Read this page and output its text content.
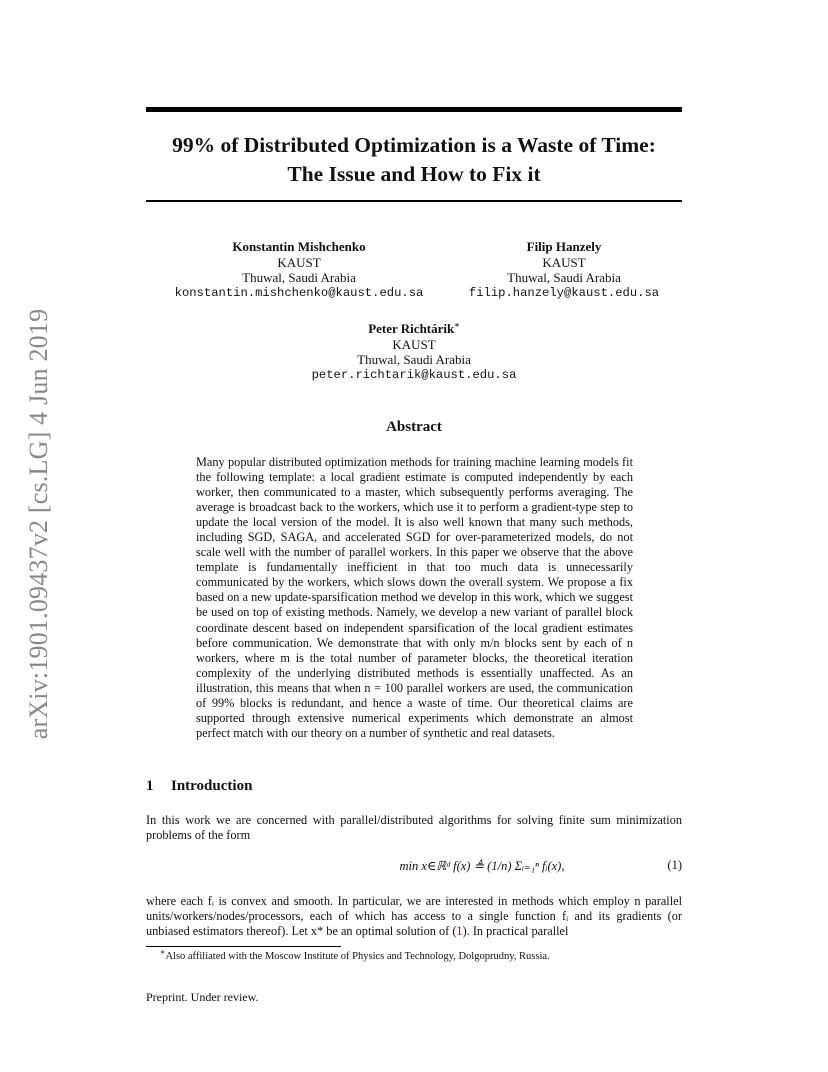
arXiv:1901.09437v2 [cs.LG] 4 Jun 2019
99% of Distributed Optimization is a Waste of Time:
The Issue and How to Fix it
Konstantin Mishchenko
KAUST
Thuwal, Saudi Arabia
konstantin.mishchenko@kaust.edu.sa
Filip Hanzely
KAUST
Thuwal, Saudi Arabia
filip.hanzely@kaust.edu.sa
Peter Richtárik∗
KAUST
Thuwal, Saudi Arabia
peter.richtarik@kaust.edu.sa
Abstract

Many popular distributed optimization methods for training machine learning models fit the following template: a local gradient estimate is computed independently by each worker, then communicated to a master, which subsequently performs averaging. The average is broadcast back to the workers, which use it to perform a gradient-type step to update the local version of the model. It is also well known that many such methods, including SGD, SAGA, and accelerated SGD for over-parameterized models, do not scale well with the number of parallel workers. In this paper we observe that the above template is fundamentally inefficient in that too much data is unnecessarily communicated by the workers, which slows down the overall system. We propose a fix based on a new update-sparsification method we develop in this work, which we suggest be used on top of existing methods. Namely, we develop a new variant of parallel block coordinate descent based on independent sparsification of the local gradient estimates before communication. We demonstrate that with only m/n blocks sent by each of n workers, where m is the total number of parameter blocks, the theoretical iteration complexity of the underlying distributed methods is essentially unaffected. As an illustration, this means that when n = 100 parallel workers are used, the communication of 99% blocks is redundant, and hence a waste of time. Our theoretical claims are supported through extensive numerical experiments which demonstrate an almost perfect match with our theory on a number of synthetic and real datasets.

1 Introduction

In this work we are concerned with parallel/distributed algorithms for solving finite sum minimization problems of the form

min x∈ℝᵈ f(x) ≜ (1/n) Σᵢ₌₁ⁿ fᵢ(x),	(1)

where each fᵢ is convex and smooth. In particular, we are interested in methods which employ n parallel units/workers/nodes/processors, each of which has access to a single function fᵢ and its gradients (or unbiased estimators thereof). Let x* be an optimal solution of (1). In practical parallel

∗Also affiliated with the Moscow Institute of Physics and Technology, Dolgoprudny, Russia.
Preprint. Under review.
